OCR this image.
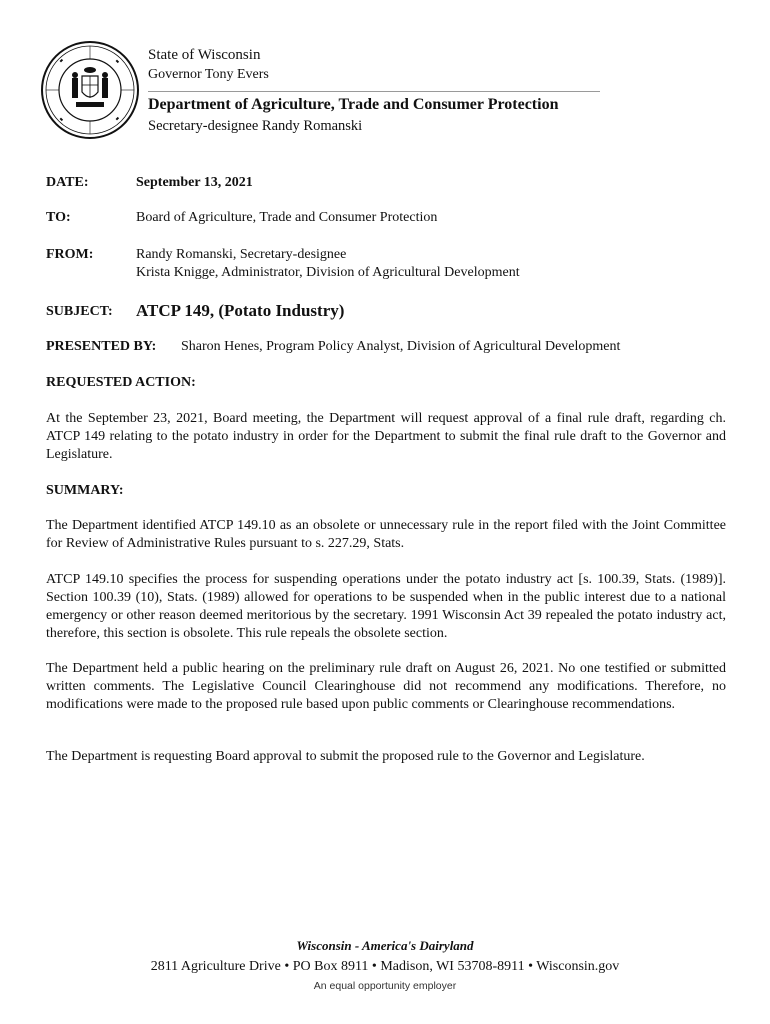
State of Wisconsin
Governor Tony Evers
Department of Agriculture, Trade and Consumer Protection
Secretary-designee Randy Romanski
DATE:	September 13, 2021
TO:	Board of Agriculture, Trade and Consumer Protection
FROM:	Randy Romanski, Secretary-designee
Krista Knigge, Administrator, Division of Agricultural Development
SUBJECT: ATCP 149, (Potato Industry)
PRESENTED BY: Sharon Henes, Program Policy Analyst, Division of Agricultural Development
REQUESTED ACTION:
At the September 23, 2021, Board meeting, the Department will request approval of a final rule draft, regarding ch. ATCP 149 relating to the potato industry in order for the Department to submit the final rule draft to the Governor and Legislature.
SUMMARY:
The Department identified ATCP 149.10 as an obsolete or unnecessary rule in the report filed with the Joint Committee for Review of Administrative Rules pursuant to s. 227.29, Stats.
ATCP 149.10 specifies the process for suspending operations under the potato industry act [s. 100.39, Stats. (1989)]. Section 100.39 (10), Stats. (1989) allowed for operations to be suspended when in the public interest due to a national emergency or other reason deemed meritorious by the secretary. 1991 Wisconsin Act 39 repealed the potato industry act, therefore, this section is obsolete. This rule repeals the obsolete section.
The Department held a public hearing on the preliminary rule draft on August 26, 2021. No one testified or submitted written comments. The Legislative Council Clearinghouse did not recommend any modifications. Therefore, no modifications were made to the proposed rule based upon public comments or Clearinghouse recommendations.
The Department is requesting Board approval to submit the proposed rule to the Governor and Legislature.
Wisconsin - America's Dairyland
2811 Agriculture Drive • PO Box 8911 • Madison, WI 53708-8911 • Wisconsin.gov
An equal opportunity employer
